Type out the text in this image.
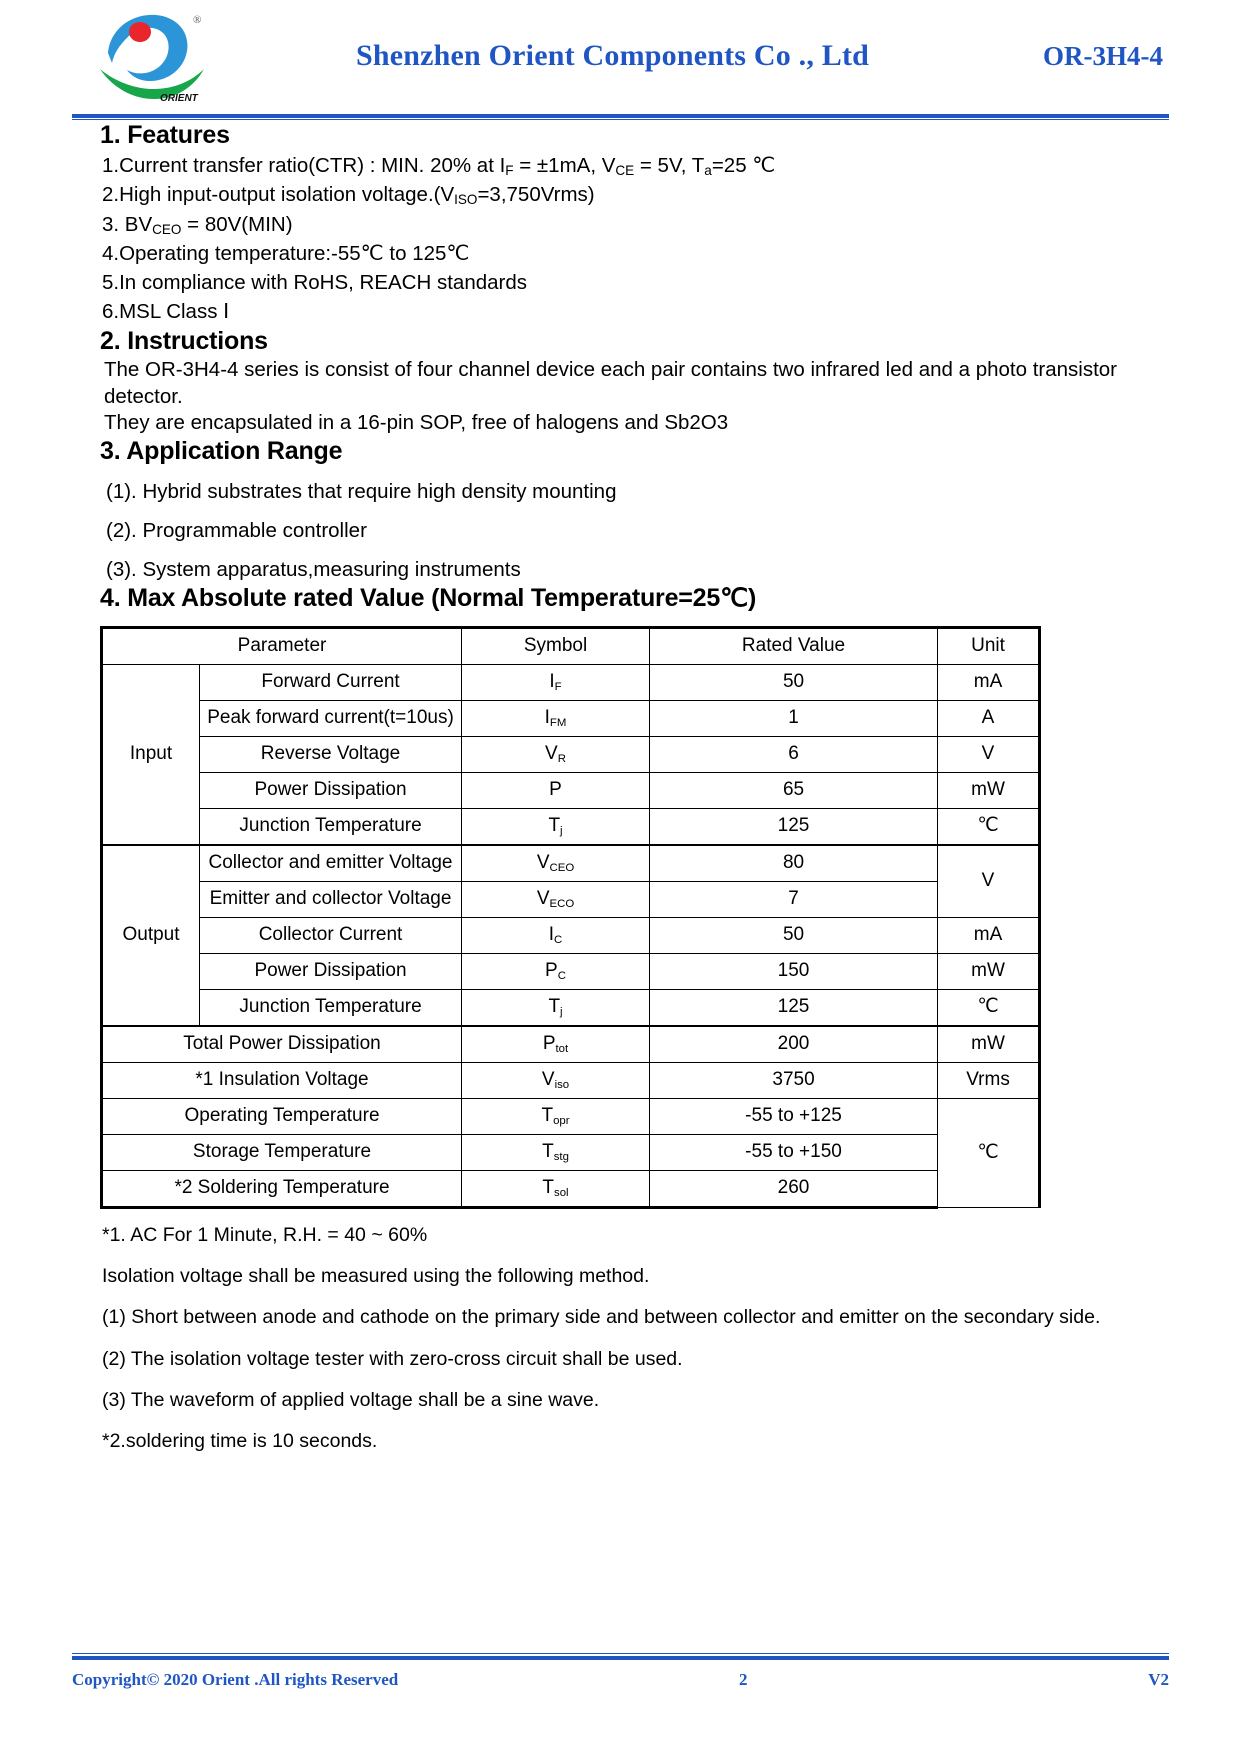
®
ORIENT
Shenzhen Orient Components Co ., Ltd	OR-3H4-4
1. Features
1.Current transfer ratio(CTR) : MIN. 20% at $I_F = \pm 1mA$, $V_{CE} = 5V$, $T_a=25$ ℃
2.High input-output isolation $voltage.(V_{ISO}=3,750Vrms)$
3. $BV_{CEO} = 80V(MIN)$
4.Operating temperature:-55℃ to 125℃
5.In compliance with RoHS, REACH standards
6.MSL Class Ⅰ
2. Instructions
The OR-3H4-4 series is consist of four channel device each pair contains two infrared led and a photo transistor detector.
They are encapsulated in a 16-pin SOP, free of halogens and Sb2O3
3. Application Range
(1). Hybrid substrates that require high density mounting
(2). Programmable controller
(3). System apparatus,measuring instruments
4. Max Absolute rated Value (Normal Temperature=25℃)
Parameter		Symbol	Rated Value	Unit
Input	Forward Current	$I_F$	50	mA
	Peak forward current(t=10us)	$I_{FM}$	1	A
	Reverse Voltage	$V_R$	6	V
	Power Dissipation	P	65	mW
	Junction Temperature	$T_j$	125	℃
Output	Collector and emitter Voltage	$V_{CEO}$	80	V
	Emitter and collector Voltage	$V_{ECO}$	7	
	Collector Current	$I_C$	50	mA
	Power Dissipation	$P_C$	150	mW
	Junction Temperature	$T_j$	125	℃
Total Power Dissipation		$P_{tot}$	200	mW
*1 Insulation Voltage		$V_{iso}$	3750	Vrms
Operating Temperature		$T_{opr}$	-55 to +125	℃
Storage Temperature		$T_{stg}$	-55 to +150	
*2 Soldering Temperature		$T_{sol}$	260	
*1. AC For 1 Minute, R.H. = 40 ~ 60%
Isolation voltage shall be measured using the following method.
(1) Short between anode and cathode on the primary side and between collector and emitter on the secondary side.
(2) The isolation voltage tester with zero-cross circuit shall be used.
(3) The waveform of applied voltage shall be a sine wave.
*2.soldering time is 10 seconds.
Copyright© 2020 Orient .All rights Reserved	2	V2
